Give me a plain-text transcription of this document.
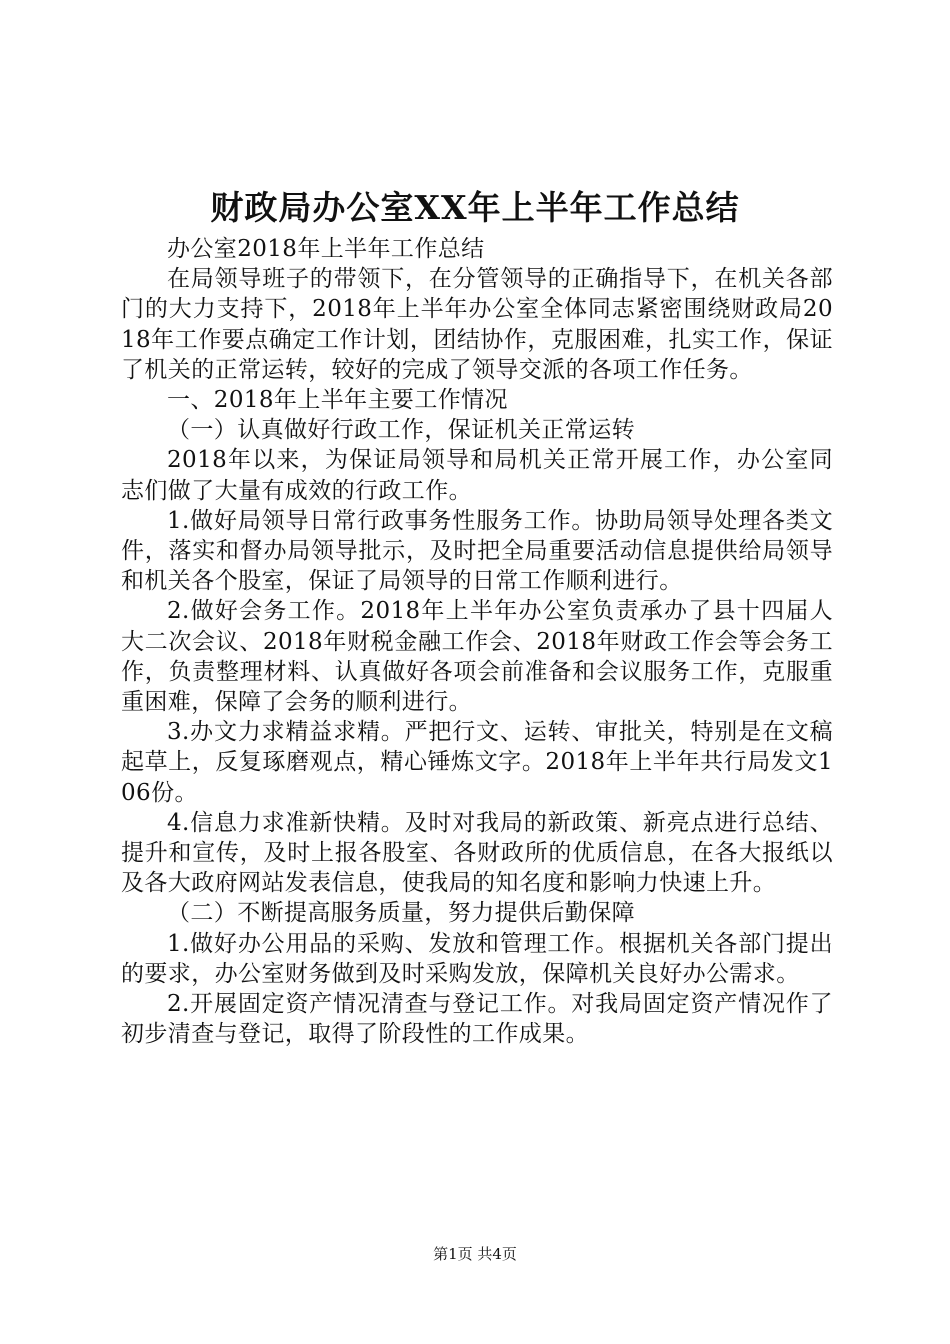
财政局办公室XX年上半年工作总结

办公室2018年上半年工作总结

在局领导班子的带领下，在分管领导的正确指导下，在机关各部门的大力支持下，2018年上半年办公室全体同志紧密围绕财政局2018年工作要点确定工作计划，团结协作，克服困难，扎实工作，保证了机关的正常运转，较好的完成了领导交派的各项工作任务。

一、2018年上半年主要工作情况

（一）认真做好行政工作，保证机关正常运转

2018年以来，为保证局领导和局机关正常开展工作，办公室同志们做了大量有成效的行政工作。

1.做好局领导日常行政事务性服务工作。协助局领导处理各类文件，落实和督办局领导批示，及时把全局重要活动信息提供给局领导和机关各个股室，保证了局领导的日常工作顺利进行。

2.做好会务工作。2018年上半年办公室负责承办了县十四届人大二次会议、2018年财税金融工作会、2018年财政工作会等会务工作，负责整理材料、认真做好各项会前准备和会议服务工作，克服重重困难，保障了会务的顺利进行。

3.办文力求精益求精。严把行文、运转、审批关，特别是在文稿起草上，反复琢磨观点，精心锤炼文字。2018年上半年共行局发文106份。

4.信息力求准新快精。及时对我局的新政策、新亮点进行总结、提升和宣传，及时上报各股室、各财政所的优质信息，在各大报纸以及各大政府网站发表信息，使我局的知名度和影响力快速上升。

（二）不断提高服务质量，努力提供后勤保障

1.做好办公用品的采购、发放和管理工作。根据机关各部门提出的要求，办公室财务做到及时采购发放，保障机关良好办公需求。

2.开展固定资产情况清查与登记工作。对我局固定资产情况作了初步清查与登记，取得了阶段性的工作成果。

第1页 共4页
